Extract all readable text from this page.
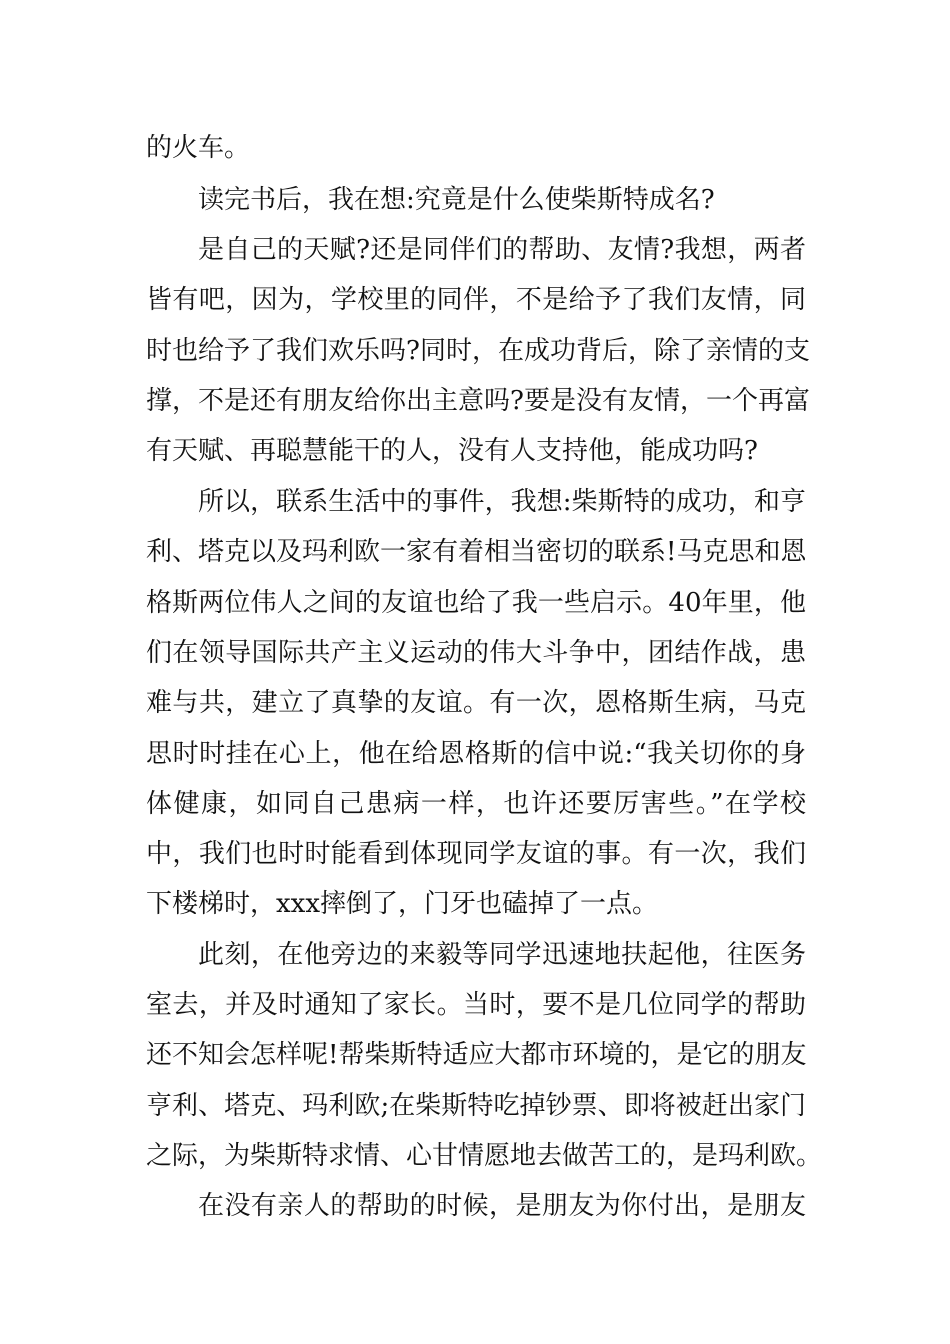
的火车。
读完书后，我在想:究竟是什么使柴斯特成名?
是自己的天赋?还是同伴们的帮助、友情?我想，两者
皆有吧，因为，学校里的同伴，不是给予了我们友情，同
时也给予了我们欢乐吗?同时，在成功背后，除了亲情的支
撑，不是还有朋友给你出主意吗?要是没有友情，一个再富
有天赋、再聪慧能干的人，没有人支持他，能成功吗?
所以，联系生活中的事件，我想:柴斯特的成功，和亨
利、塔克以及玛利欧一家有着相当密切的联系!马克思和恩
格斯两位伟人之间的友谊也给了我一些启示。40年里，他
们在领导国际共产主义运动的伟大斗争中，团结作战，患
难与共，建立了真挚的友谊。有一次，恩格斯生病，马克
思时时挂在心上，他在给恩格斯的信中说:“我关切你的身
体健康，如同自己患病一样，也许还要厉害些。”在学校
中，我们也时时能看到体现同学友谊的事。有一次，我们
下楼梯时，xxx摔倒了，门牙也磕掉了一点。
此刻，在他旁边的来毅等同学迅速地扶起他，往医务
室去，并及时通知了家长。当时，要不是几位同学的帮助
还不知会怎样呢!帮柴斯特适应大都市环境的，是它的朋友
亨利、塔克、玛利欧;在柴斯特吃掉钞票、即将被赶出家门
之际，为柴斯特求情、心甘情愿地去做苦工的，是玛利欧。
在没有亲人的帮助的时候，是朋友为你付出，是朋友
